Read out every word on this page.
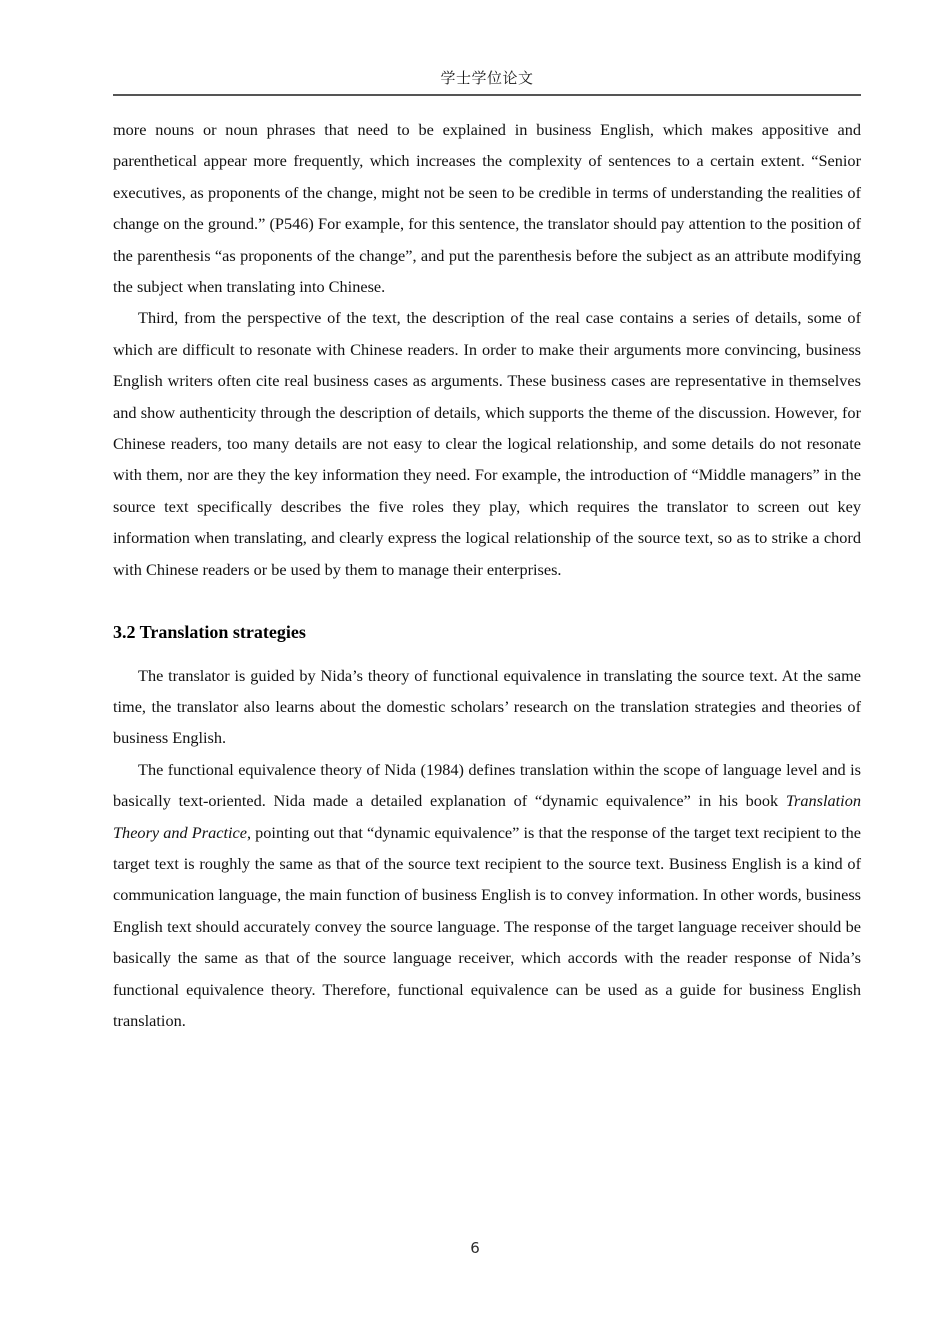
学士学位论文

more nouns or noun phrases that need to be explained in business English, which makes appositive and parenthetical appear more frequently, which increases the complexity of sentences to a certain extent. “Senior executives, as proponents of the change, might not be seen to be credible in terms of understanding the realities of change on the ground.” (P546) For example, for this sentence, the translator should pay attention to the position of the parenthesis “as proponents of the change”, and put the parenthesis before the subject as an attribute modifying the subject when translating into Chinese.

Third, from the perspective of the text, the description of the real case contains a series of details, some of which are difficult to resonate with Chinese readers. In order to make their arguments more convincing, business English writers often cite real business cases as arguments. These business cases are representative in themselves and show authenticity through the description of details, which supports the theme of the discussion. However, for Chinese readers, too many details are not easy to clear the logical relationship, and some details do not resonate with them, nor are they the key information they need. For example, the introduction of “Middle managers” in the source text specifically describes the five roles they play, which requires the translator to screen out key information when translating, and clearly express the logical relationship of the source text, so as to strike a chord with Chinese readers or be used by them to manage their enterprises.

3.2 Translation strategies

The translator is guided by Nida’s theory of functional equivalence in translating the source text. At the same time, the translator also learns about the domestic scholars’ research on the translation strategies and theories of business English.

The functional equivalence theory of Nida (1984) defines translation within the scope of language level and is basically text-oriented. Nida made a detailed explanation of “dynamic equivalence” in his book Translation Theory and Practice, pointing out that “dynamic equivalence” is that the response of the target text recipient to the target text is roughly the same as that of the source text recipient to the source text. Business English is a kind of communication language, the main function of business English is to convey information. In other words, business English text should accurately convey the source language. The response of the target language receiver should be basically the same as that of the source language receiver, which accords with the reader response of Nida’s functional equivalence theory. Therefore, functional equivalence can be used as a guide for business English translation.

6
